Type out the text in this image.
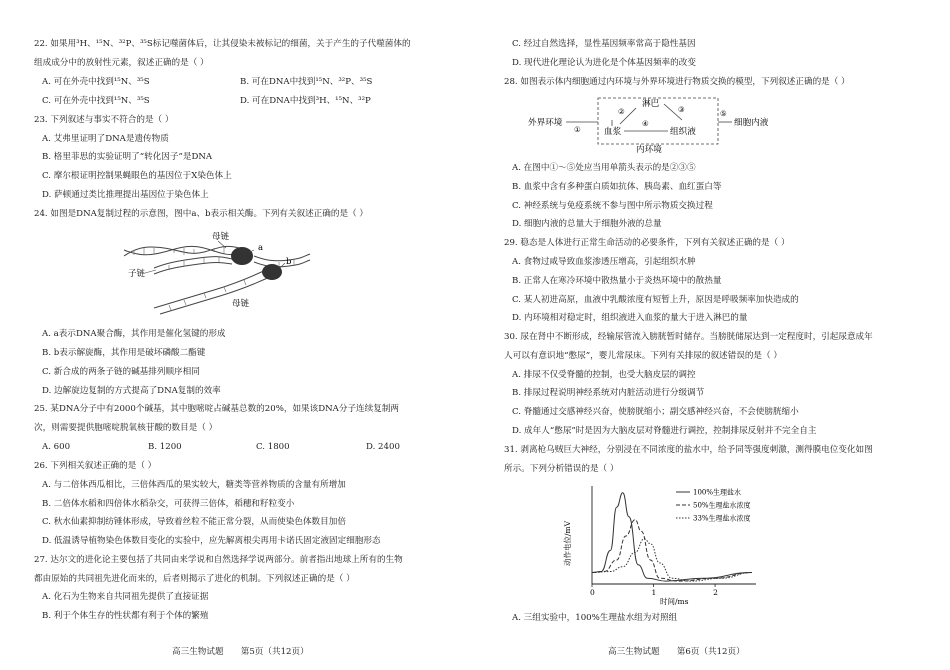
22. 如果用³H、¹⁵N、³²P、³⁵S标记噬菌体后，让其侵染未被标记的细菌，关于产生的子代噬菌体的
组成成分中的放射性元素，叙述正确的是（ ）
A. 可在外壳中找到¹⁵N、³⁵S	B. 可在DNA中找到¹⁵N、³²P、³⁵S
C. 可在外壳中找到¹⁵N、³⁵S	D. 可在DNA中找到³H、¹⁵N、³²P
23. 下列叙述与事实不符合的是（ ）
A. 艾弗里证明了DNA是遗传物质
B. 格里菲思的实验证明了“转化因子”是DNA
C. 摩尔根证明控制果蝇眼色的基因位于X染色体上
D. 萨顿通过类比推理提出基因位于染色体上
24. 如图是DNA复制过程的示意图，图中a、b表示相关酶。下列有关叙述正确的是（ ）
母链
a
b
子链
母链
A. a表示DNA聚合酶，其作用是催化氢键的形成
B. b表示解旋酶，其作用是破坏磷酸二酯键
C. 新合成的两条子链的碱基排列顺序相同
D. 边解旋边复制的方式提高了DNA复制的效率
25. 某DNA分子中有2000个碱基，其中胞嘧啶占碱基总数的20%，如果该DNA分子连续复制两
次，则需要提供胞嘧啶脱氧核苷酸的数目是（ ）
A. 600	B. 1200	C. 1800	D. 2400
26. 下列相关叙述正确的是（ ）
A. 与二倍体西瓜相比，三倍体西瓜的果实较大，糖类等营养物质的含量有所增加
B. 二倍体水稻和四倍体水稻杂交，可获得三倍体，稻穗和籽粒变小
C. 秋水仙素抑制纺锤体形成，导致着丝粒不能正常分裂，从而使染色体数目加倍
D. 低温诱导植物染色体数目变化的实验中，应先解离根尖再用卡诺氏固定液固定细胞形态
27. 达尔文的进化论主要包括了共同由来学说和自然选择学说两部分。前者指出地球上所有的生物
都由原始的共同祖先进化而来的，后者则揭示了进化的机制。下列叙述正确的是（ ）
A. 化石为生物来自共同祖先提供了直接证据
B. 利于个体生存的性状都有利于个体的繁殖
高三生物试题　　第5页（共12页）
C. 经过自然选择，显性基因频率常高于隐性基因
D. 现代进化理论认为进化是个体基因频率的改变
28. 如图表示体内细胞通过内环境与外界环境进行物质交换的模型，下列叙述正确的是（ ）
外界环境	细胞内液
淋巴
血浆	组织液
内环境
①
②	③
④
⑤
A. 在图中①～⑤处应当用单箭头表示的是②③⑤
B. 血浆中含有多种蛋白质如抗体、胰岛素、血红蛋白等
C. 神经系统与免疫系统不参与图中所示物质交换过程
D. 细胞内液的总量大于细胞外液的总量
29. 稳态是人体进行正常生命活动的必要条件，下列有关叙述正确的是（ ）
A. 食物过咸导致血浆渗透压增高，引起组织水肿
B. 正常人在寒冷环境中散热量小于炎热环境中的散热量
C. 某人初进高原，血液中乳酸浓度有短暂上升，原因是呼吸频率加快造成的
D. 内环境相对稳定时，组织液进入血浆的量大于进入淋巴的量
30. 尿在肾中不断形成，经输尿管流入膀胱暂时储存。当膀胱储尿达到一定程度时，引起尿意成年
人可以有意识地“憋尿”，婴儿常尿床。下列有关排尿的叙述错误的是（ ）
A. 排尿不仅受脊髓的控制，也受大脑皮层的调控
B. 排尿过程说明神经系统对内脏活动进行分级调节
C. 脊髓通过交感神经兴奋，使膀胱缩小；副交感神经兴奋，不会使膀胱缩小
D. 成年人“憋尿”时是因为大脑皮层对脊髓进行调控，控制排尿反射并不完全自主
31. 剥离枪乌贼巨大神经，分别浸在不同浓度的盐水中，给予同等强度刺激，测得膜电位变化如图
所示。下列分析错误的是（ ）
动作电位/mV
时间/ms
0	1	2
100%生理盐水
50%生理盐水浓度
33%生理盐水浓度
A. 三组实验中，100%生理盐水组为对照组
高三生物试题　　第6页（共12页）
